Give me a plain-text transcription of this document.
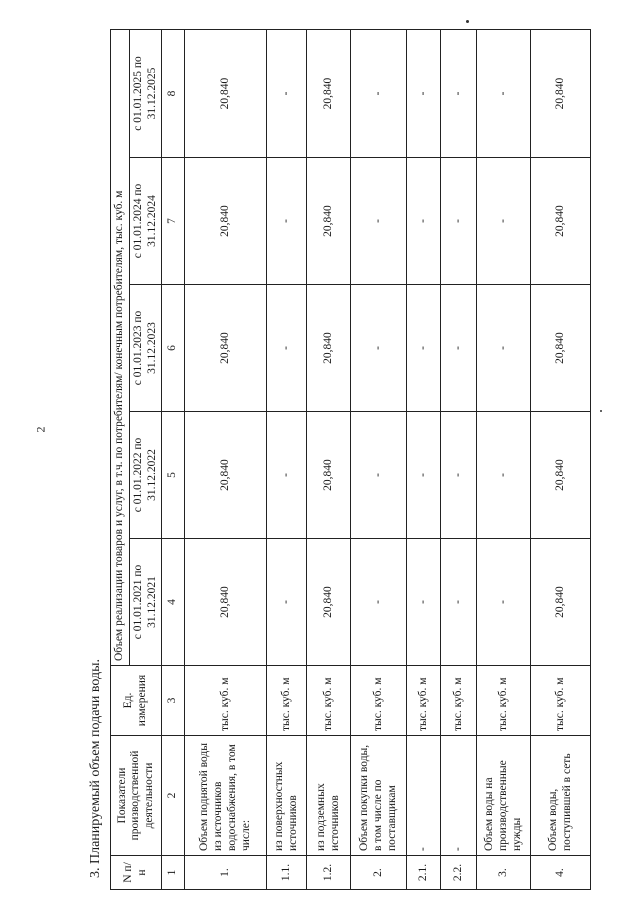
2
3. Планируемый объем подачи воды. N п/н	Показатели производственной деятельности	Ед. измерения	Объем реализации товаров и услуг, в т.ч. по потребителям/ конечным потребителям, тыс. куб. м				
			с 01.01.2021 по 31.12.2021	с 01.01.2022 по 31.12.2022	с 01.01.2023 по 31.12.2023	с 01.01.2024 по 31.12.2024	с 01.01.2025 по 31.12.2025
1	2	3	4	5	6	7	8
1.	Объем поднятой воды из источников водоснабжения, в том числе:	тыс. куб. м	20,840	20,840	20,840	20,840	20,840
1.1.	из поверхностных источников	тыс. куб. м	-	-	-	-	-
1.2.	из подземных источников	тыс. куб. м	20,840	20,840	20,840	20,840	20,840
2.	Объем покупки воды, в том числе по поставщикам	тыс. куб. м	-	-	-	-	-
2.1.	-	тыс. куб. м	-	-	-	-	-
2.2.	-	тыс. куб. м	-	-	-	-	-
3.	Объем воды на производственные нужды	тыс. куб. м	-	-	-	-	-
4.	Объем воды, поступившей в сеть	тыс. куб. м	20,840	20,840	20,840	20,840	20,840
